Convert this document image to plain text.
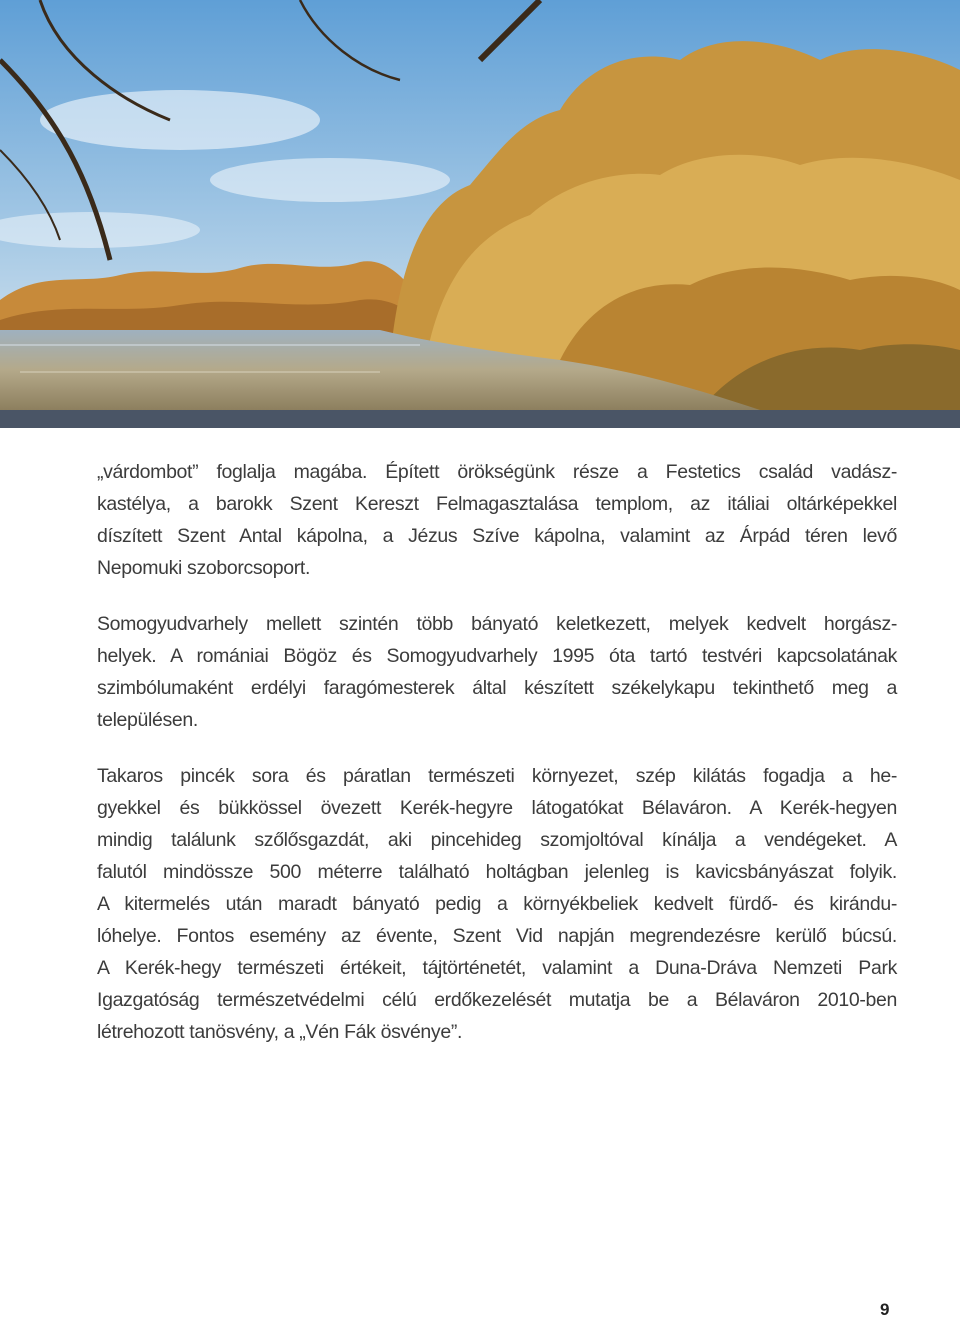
„várdombot” foglalja magába. Épített örökségünk része a Festetics család vadász-
kastélya, a barokk Szent Kereszt Felmagasztalása templom, az itáliai oltárképekkel
díszített Szent Antal kápolna, a Jézus Szíve kápolna, valamint az Árpád téren levő
Nepomuki szoborcsoport.

Somogyudvarhely mellett szintén több bányató keletkezett, melyek kedvelt horgász-
helyek. A romániai Bögöz és Somogyudvarhely 1995 óta tartó testvéri kapcsolatának
szimbólumaként erdélyi faragómesterek által készített székelykapu tekinthető meg a
településen.

Takaros pincék sora és páratlan természeti környezet, szép kilátás fogadja a he-
gyekkel és bükkössel övezett Kerék-hegyre látogatókat Bélaváron. A Kerék-hegyen
mindig találunk szőlősgazdát, aki pincehideg szomjoltóval kínálja a vendégeket. A
falutól mindössze 500 méterre található holtágban jelenleg is kavicsbányászat folyik.
A kitermelés után maradt bányató pedig a környékbeliek kedvelt fürdő- és kirándu-
lóhelye. Fontos esemény az évente, Szent Vid napján megrendezésre kerülő búcsú.
A Kerék-hegy természeti értékeit, tájtörténetét, valamint a Duna-Dráva Nemzeti Park
Igazgatóság természetvédelmi célú erdőkezelését mutatja be a Bélaváron 2010-ben
létrehozott tanösvény, a „Vén Fák ösvénye”.

9
